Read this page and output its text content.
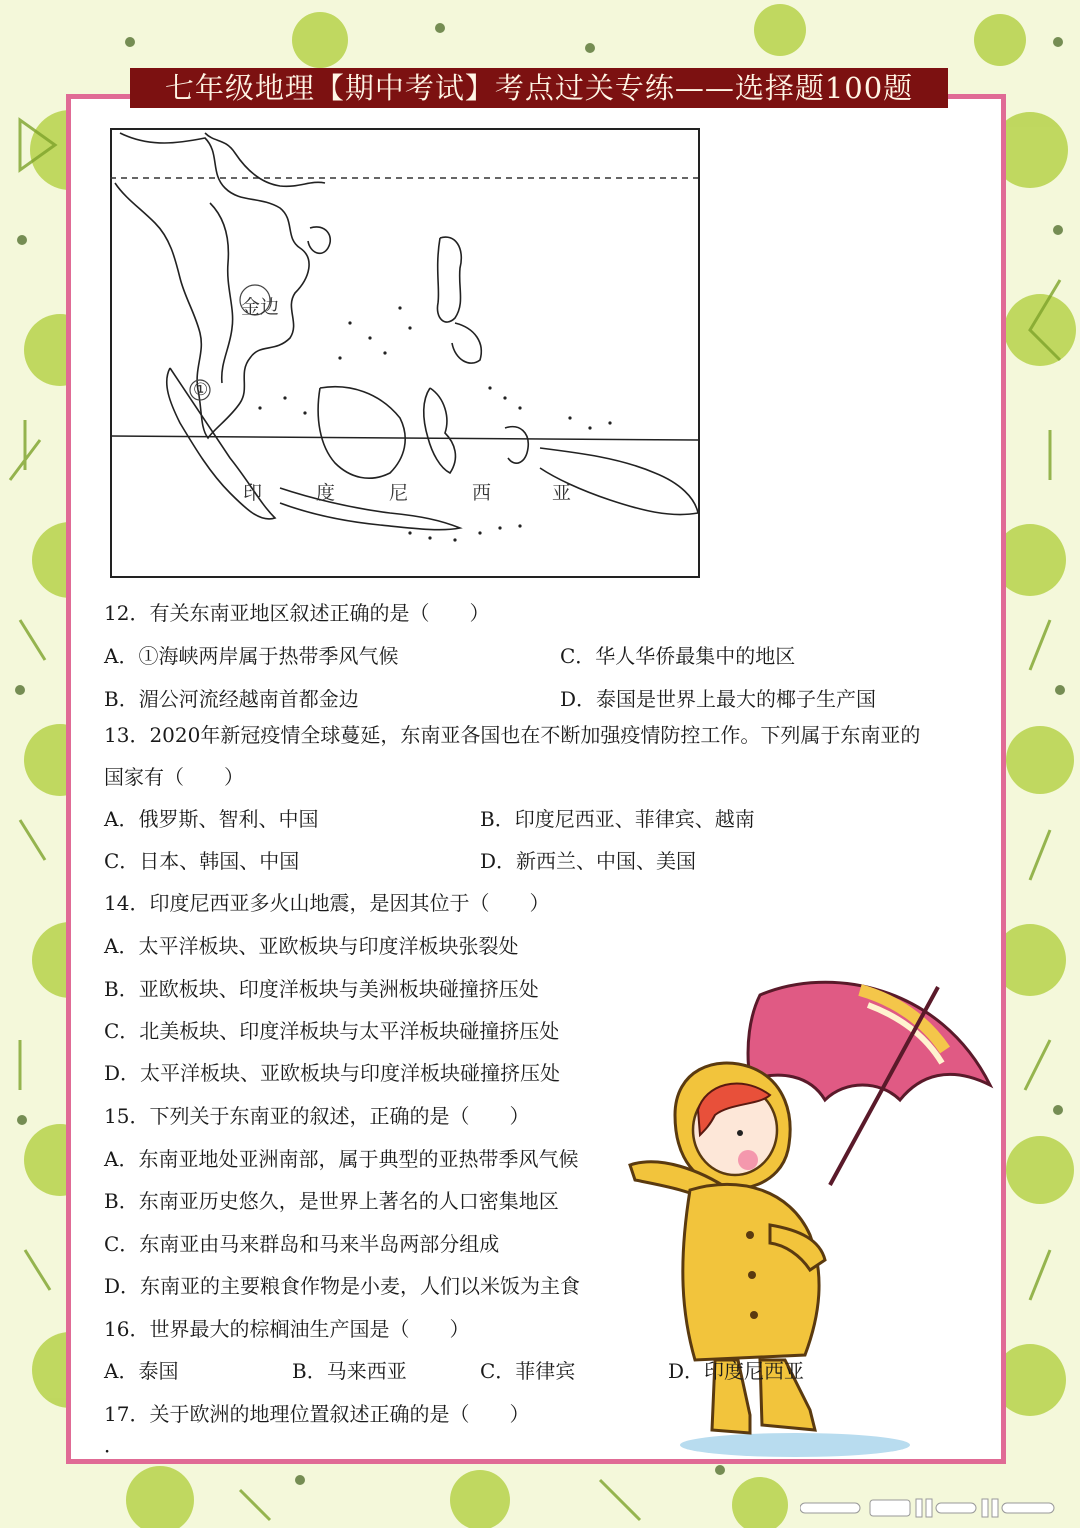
七年级地理【期中考试】考点过关专练——选择题100题
金边
①
印	度	尼	西	亚
12．有关东南亚地区叙述正确的是（　　）
A．①海峡两岸属于热带季风气候	C．华人华侨最集中的地区
B．湄公河流经越南首都金边	D．泰国是世界上最大的椰子生产国
13．2020年新冠疫情全球蔓延，东南亚各国也在不断加强疫情防控工作。下列属于东南亚的
国家有（　　）
A．俄罗斯、智利、中国	B．印度尼西亚、菲律宾、越南
C．日本、韩国、中国	D．新西兰、中国、美国
14．印度尼西亚多火山地震，是因其位于（　　）
A．太平洋板块、亚欧板块与印度洋板块张裂处
B．亚欧板块、印度洋板块与美洲板块碰撞挤压处
C．北美板块、印度洋板块与太平洋板块碰撞挤压处
D．太平洋板块、亚欧板块与印度洋板块碰撞挤压处
15．下列关于东南亚的叙述，正确的是（　　）
A．东南亚地处亚洲南部，属于典型的亚热带季风气候
B．东南亚历史悠久，是世界上著名的人口密集地区
C．东南亚由马来群岛和马来半岛两部分组成
D．东南亚的主要粮食作物是小麦，人们以米饭为主食
16．世界最大的棕榈油生产国是（　　）
A．泰国	B．马来西亚	C．菲律宾	D．印度尼西亚
17．关于欧洲的地理位置叙述正确的是（　　）
．
